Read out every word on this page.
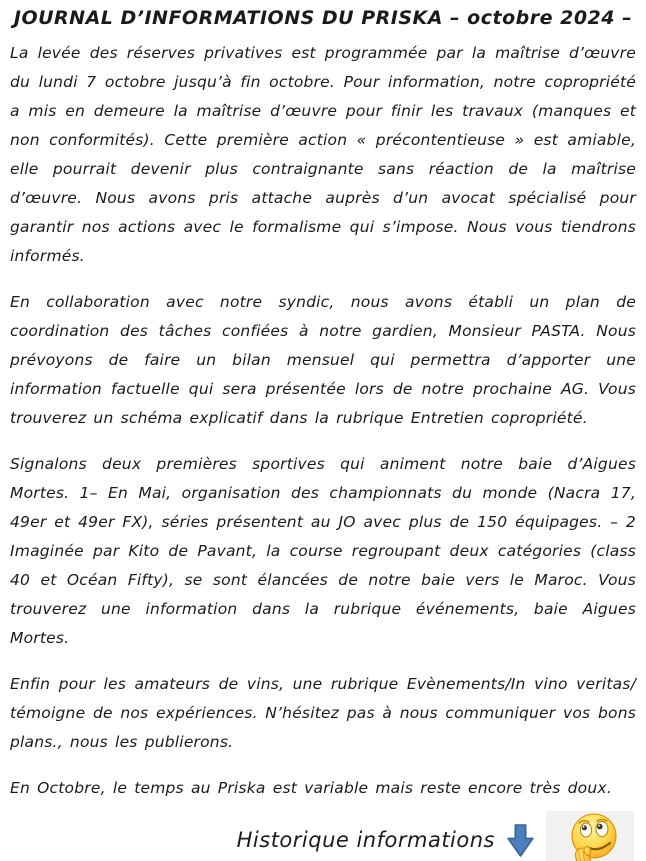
JOURNAL D’INFORMATIONS DU PRISKA – octobre 2024 –

La levée des réserves privatives est programmée par la maîtrise d’œuvre du lundi 7 octobre jusqu’à fin octobre. Pour information, notre copropriété a mis en demeure la maîtrise d’œuvre pour finir les travaux (manques et non conformités). Cette première action « précontentieuse » est amiable, elle pourrait devenir plus contraignante sans réaction de la maîtrise d’œuvre. Nous avons pris attache auprès d’un avocat spécialisé pour garantir nos actions avec le formalisme qui s’impose. Nous vous tiendrons informés.

En collaboration avec notre syndic, nous avons établi un plan de coordination des tâches confiées à notre gardien, Monsieur PASTA. Nous prévoyons de faire un bilan mensuel qui permettra d’apporter une information factuelle qui sera présentée lors de notre prochaine AG. Vous trouverez un schéma explicatif dans la rubrique Entretien copropriété.

Signalons deux premières sportives qui animent notre baie d’Aigues Mortes. 1– En Mai, organisation des championnats du monde (Nacra 17, 49er et 49er FX), séries présentent au JO avec plus de 150 équipages. – 2 Imaginée par Kito de Pavant, la course regroupant deux catégories (class 40 et Océan Fifty), se sont élancées de notre baie vers le Maroc. Vous trouverez une information dans la rubrique événements, baie Aigues Mortes.

Enfin pour les amateurs de vins, une rubrique Evènements/In vino veritas/ témoigne de nos expériences. N’hésitez pas à nous communiquer vos bons plans., nous les publierons.

En Octobre, le temps au Priska est variable mais reste encore très doux.

Historique informations
